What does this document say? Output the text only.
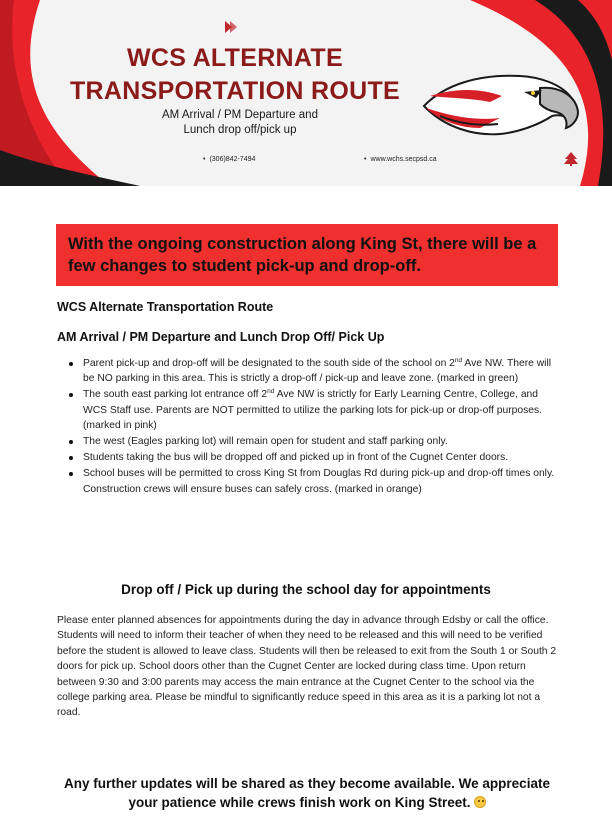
WCS ALTERNATE TRANSPORTATION ROUTE
AM Arrival / PM Departure and Lunch drop off/pick up
• (306)842-7494
•	www.wchs.secpsd.ca
With the ongoing construction along King St, there will be a few changes to student pick-up and drop-off.
WCS Alternate Transportation Route
AM Arrival / PM Departure and Lunch Drop Off/ Pick Up
Parent pick-up and drop-off will be designated to the south side of the school on 2nd Ave NW. There will be NO parking in this area. This is strictly a drop-off / pick-up and leave zone. (marked in green)
The south east parking lot entrance off 2nd Ave NW is strictly for Early Learning Centre, College, and WCS Staff use. Parents are NOT permitted to utilize the parking lots for pick-up or drop-off purposes. (marked in pink)
The west (Eagles parking lot) will remain open for student and staff parking only.
Students taking the bus will be dropped off and picked up in front of the Cugnet Center doors.
School buses will be permitted to cross King St from Douglas Rd during pick-up and drop-off times only. Construction crews will ensure buses can safely cross. (marked in orange)
Drop off / Pick up during the school day for appointments
Please enter planned absences for appointments during the day in advance through Edsby or call the office. Students will need to inform their teacher of when they need to be released and this will need to be verified before the student is allowed to leave class. Students will then be released to exit from the South 1 or South 2 doors for pick up. School doors other than the Cugnet Center are locked during class time. Upon return between 9:30 and 3:00 parents may access the main entrance at the Cugnet Center to the school via the college parking area. Please be mindful to significantly reduce speed in this area as it is a parking lot not a road.
Any further updates will be shared as they become available. We appreciate your patience while crews finish work on King Street.
